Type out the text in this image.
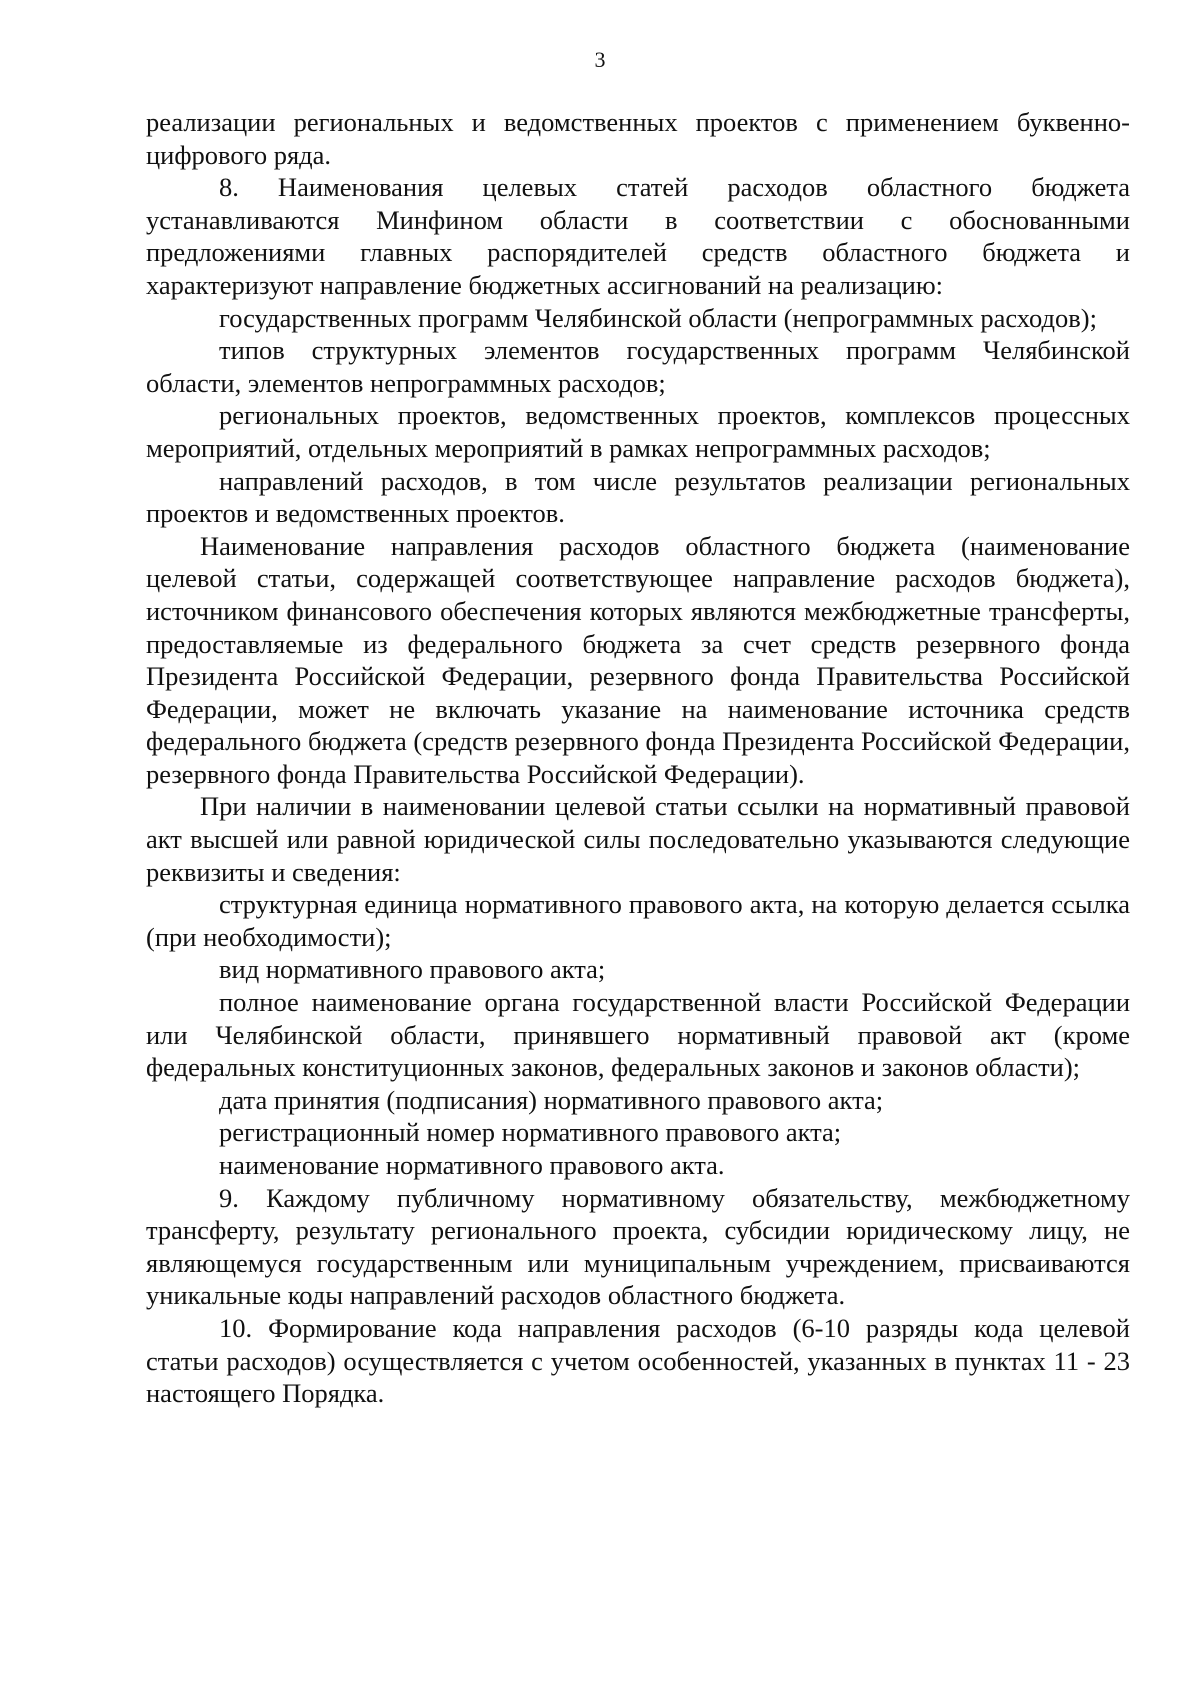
3

реализации региональных и ведомственных проектов с применением буквенно-цифрового ряда.

8. Наименования целевых статей расходов областного бюджета устанавливаются Минфином области в соответствии с обоснованными предложениями главных распорядителей средств областного бюджета и характеризуют направление бюджетных ассигнований на реализацию:

государственных программ Челябинской области (непрограммных расходов);

типов структурных элементов государственных программ Челябинской области, элементов непрограммных расходов;

региональных проектов, ведомственных проектов, комплексов процессных мероприятий, отдельных мероприятий в рамках непрограммных расходов;

направлений расходов, в том числе результатов реализации региональных проектов и ведомственных проектов.

Наименование направления расходов областного бюджета (наименование целевой статьи, содержащей соответствующее направление расходов бюджета), источником финансового обеспечения которых являются межбюджетные трансферты, предоставляемые из федерального бюджета за счет средств резервного фонда Президента Российской Федерации, резервного фонда Правительства Российской Федерации, может не включать указание на наименование источника средств федерального бюджета (средств резервного фонда Президента Российской Федерации, резервного фонда Правительства Российской Федерации).

При наличии в наименовании целевой статьи ссылки на нормативный правовой акт высшей или равной юридической силы последовательно указываются следующие реквизиты и сведения:

структурная единица нормативного правового акта, на которую делается ссылка (при необходимости);

вид нормативного правового акта;

полное наименование органа государственной власти Российской Федерации или Челябинской области, принявшего нормативный правовой акт (кроме федеральных конституционных законов, федеральных законов и законов области);

дата принятия (подписания) нормативного правового акта;

регистрационный номер нормативного правового акта;

наименование нормативного правового акта.

9. Каждому публичному нормативному обязательству, межбюджетному трансферту, результату регионального проекта, субсидии юридическому лицу, не являющемуся государственным или муниципальным учреждением, присваиваются уникальные коды направлений расходов областного бюджета.

10. Формирование кода направления расходов (6-10 разряды кода целевой статьи расходов) осуществляется с учетом особенностей, указанных в пунктах 11 - 23 настоящего Порядка.
